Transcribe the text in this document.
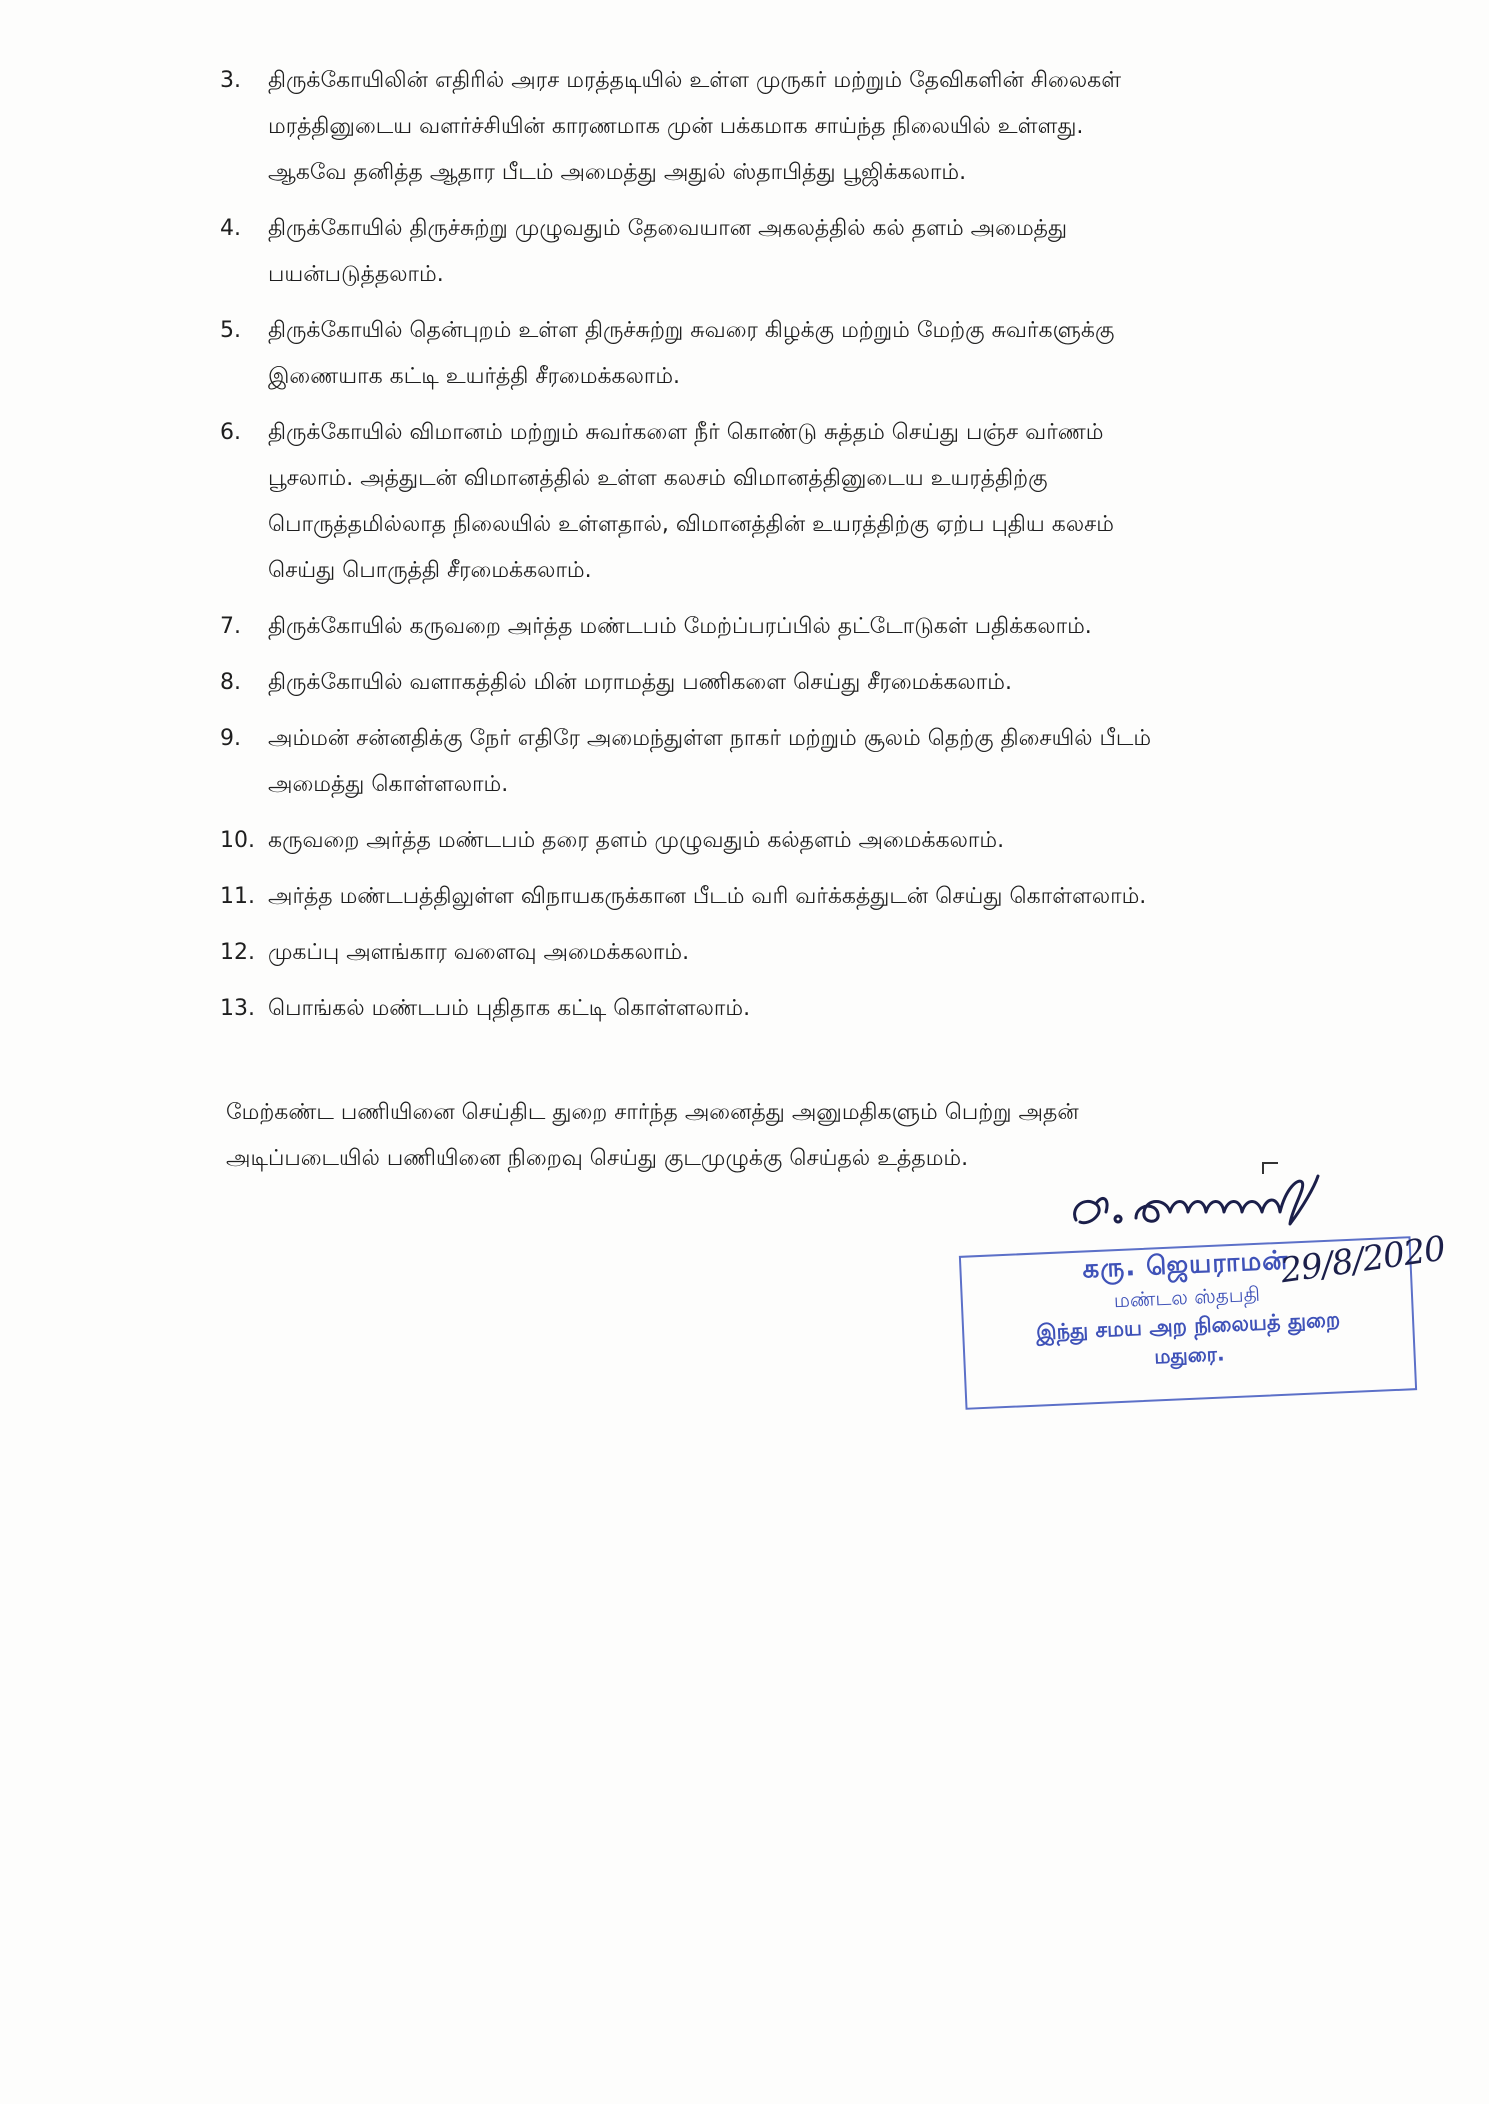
3. திருக்கோயிலின் எதிரில் அரச மரத்தடியில் உள்ள முருகர் மற்றும் தேவிகளின் சிலைகள்
மரத்தினுடைய வளர்ச்சியின் காரணமாக முன் பக்கமாக சாய்ந்த நிலையில் உள்ளது.
ஆகவே தனித்த ஆதார பீடம் அமைத்து அதுல் ஸ்தாபித்து பூஜிக்கலாம்.
4. திருக்கோயில் திருச்சுற்று முழுவதும் தேவையான அகலத்தில் கல் தளம் அமைத்து
பயன்படுத்தலாம்.
5. திருக்கோயில் தென்புறம் உள்ள திருச்சுற்று சுவரை கிழக்கு மற்றும் மேற்கு சுவர்களுக்கு
இணையாக கட்டி உயர்த்தி சீரமைக்கலாம்.
6. திருக்கோயில் விமானம் மற்றும் சுவர்களை நீர் கொண்டு சுத்தம் செய்து பஞ்ச வர்ணம்
பூசலாம். அத்துடன் விமானத்தில் உள்ள கலசம் விமானத்தினுடைய உயரத்திற்கு
பொருத்தமில்லாத நிலையில் உள்ளதால், விமானத்தின் உயரத்திற்கு ஏற்ப புதிய கலசம்
செய்து பொருத்தி சீரமைக்கலாம்.
7. திருக்கோயில் கருவறை அர்த்த மண்டபம் மேற்ப்பரப்பில் தட்டோடுகள் பதிக்கலாம்.
8. திருக்கோயில் வளாகத்தில் மின் மராமத்து பணிகளை செய்து சீரமைக்கலாம்.
9. அம்மன் சன்னதிக்கு நேர் எதிரே அமைந்துள்ள நாகர் மற்றும் சூலம் தெற்கு திசையில் பீடம்
அமைத்து கொள்ளலாம்.
10. கருவறை அர்த்த மண்டபம் தரை தளம் முழுவதும் கல்தளம் அமைக்கலாம்.
11. அர்த்த மண்டபத்திலுள்ள விநாயகருக்கான பீடம் வரி வர்க்கத்துடன் செய்து கொள்ளலாம்.
12. முகப்பு அளங்கார வளைவு அமைக்கலாம்.
13. பொங்கல் மண்டபம் புதிதாக கட்டி கொள்ளலாம்.
மேற்கண்ட பணியினை செய்திட துறை சார்ந்த அனைத்து அனுமதிகளும் பெற்று அதன்
அடிப்படையில் பணியினை நிறைவு செய்து குடமுழுக்கு செய்தல் உத்தமம்.
கரு. ஜெயராமன்
மண்டல ஸ்தபதி
இந்து சமய அற நிலையத் துறை
மதுரை.
29/8/2020
